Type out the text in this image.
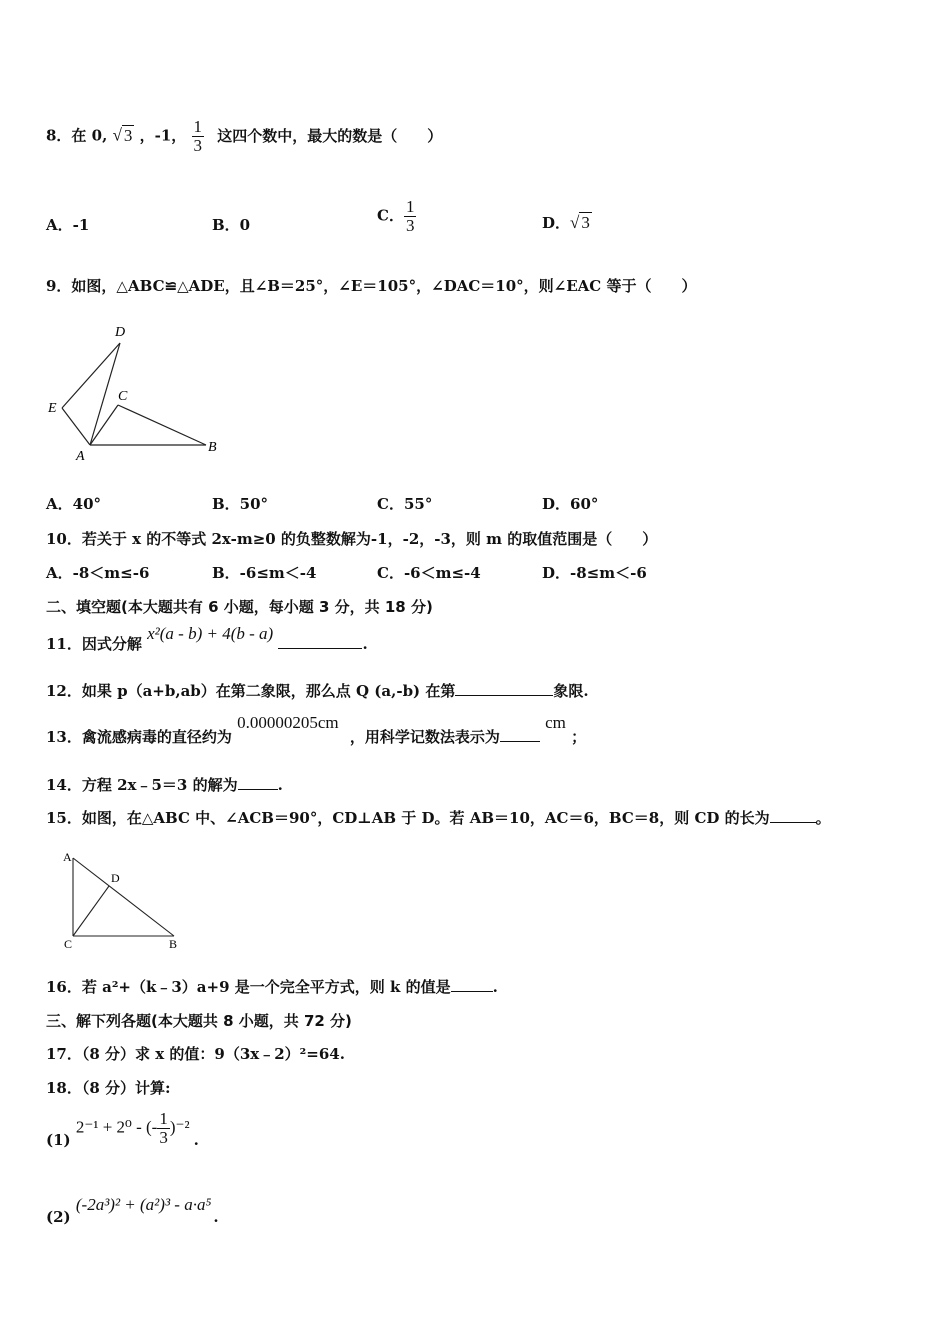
8．在 0, √ 3 ，-1， $\frac{1}{3}$ 这四个数中，最大的数是（　　）
A．-1	B．0
C． $\frac{1}{3}$	D．√ 3
9．如图，△ABC≌△ADE，且∠B＝25°，∠E＝105°，∠DAC＝10°，则∠EAC 等于（　　）
D
E
C
A
B
A．40°	B．50°	C．55°	D．60°
10．若关于 x 的不等式 2x-m≥0 的负整数解为-1，-2，-3，则 m 的取值范围是（　　）
A．-8＜m≤-6	B．-6≤m＜-4	C．-6＜m≤-4	D．-8≤m＜-6
二、填空题(本大题共有 6 小题，每小题 3 分，共 18 分)
11．因式分解 x²(a - b) + 4(b - a) .
12．如果 p（a+b,ab）在第二象限，那么点 Q (a,-b) 在第	象限.
13．禽流感病毒的直径约为 0.00000205cm ，用科学记数法表示为 cm ；
14．方程 2x﹣5＝3 的解为	.
15．如图，在△ABC 中、∠ACB＝90°，CD⊥AB 于 D。若 AB＝10，AC＝6，BC＝8，则 CD 的长为	。
A
D
C	B
16．若 a²+（k﹣3）a+9 是一个完全平方式，则 k 的值是	.
三、解下列各题(本大题共 8 小题，共 72 分)
17．（8 分）求 x 的值：9（3x﹣2）²=64.
18．（8 分）计算:
(1) 2⁻¹ + 2⁰ - (- $\frac{1}{3} )^{-2}$.
(2) (-2a³)² + (a²)³ - a·a⁵.
